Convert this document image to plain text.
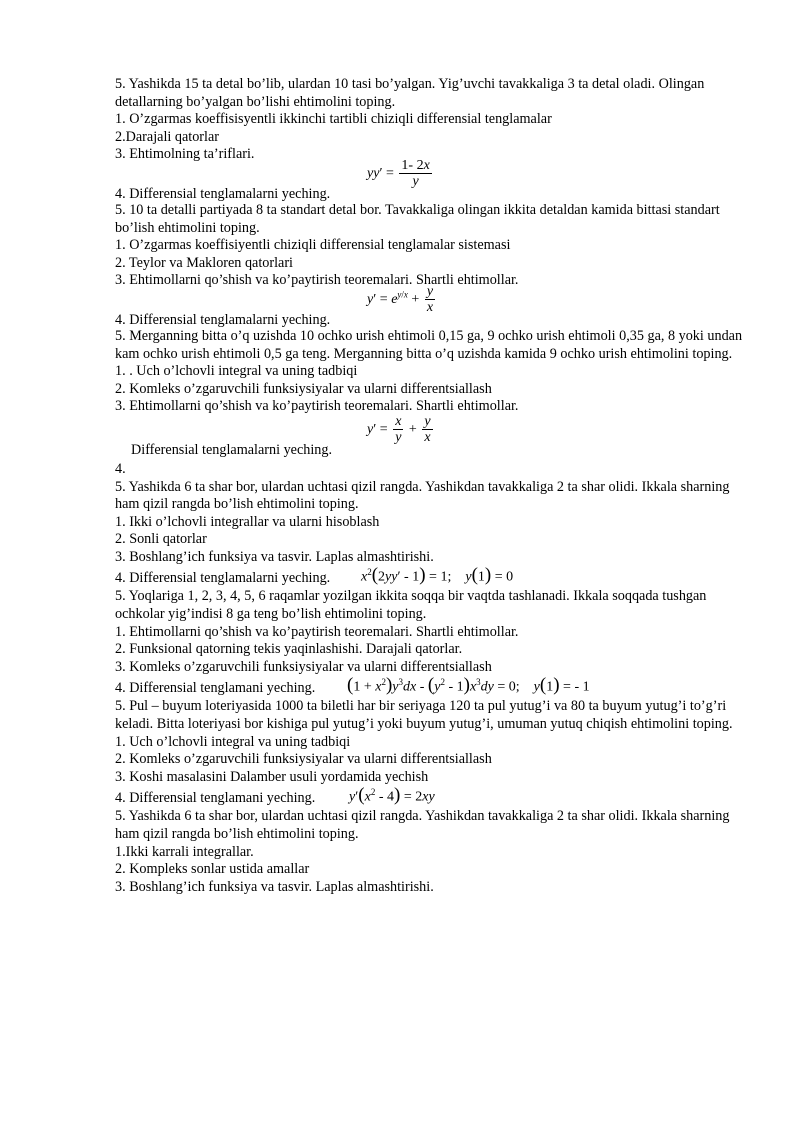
5. Yashikda 15 ta detal bo’lib, ulardan 10 tasi bo’yalgan. Yig’uvchi tavakkaliga 3 ta detal oladi. Olingan detallarning bo’yalgan bo’lishi ehtimolini toping.
1. O’zgarmas koeffisisyentli ikkinchi tartibli chiziqli differensial tenglamalar
2.Darajali qatorlar
3. Ehtimolning ta’riflari.
$yy' = \frac{1- 2x}{y}$
4. Differensial tenglamalarni yeching.
5. 10 ta detalli partiyada 8 ta standart detal bor. Tavakkaliga olingan ikkita detaldan kamida bittasi standart bo’lish ehtimolini toping.
1. O’zgarmas koeffisiyentli chiziqli differensial tenglamalar sistemasi
2. Teylor va Makloren qatorlari
3. Ehtimollarni qo’shish va ko’paytirish teoremalari. Shartli ehtimollar.
$y' = e^{y/x} + \frac{y}{x}$
4. Differensial tenglamalarni yeching.
5. Merganning bitta o’q uzishda 10 ochko urish ehtimoli 0,15 ga, 9 ochko urish ehtimoli 0,35 ga, 8 yoki undan kam ochko urish ehtimoli 0,5 ga teng. Merganning bitta o’q uzishda kamida 9 ochko urish ehtimolini toping.
1. . Uch o’lchovli integral va uning tadbiqi
2. Komleks o’zgaruvchili funksiysiyalar va ularni differentsiallash
3. Ehtimollarni qo’shish va ko’paytirish teoremalari. Shartli ehtimollar.
$y' = \frac{x}{y} + \frac{y}{x}$
Differensial tenglamalarni yeching.
4.
5. Yashikda 6 ta shar bor, ulardan uchtasi qizil rangda. Yashikdan tavakkaliga 2 ta shar olidi. Ikkala sharning ham qizil rangda bo’lish ehtimolini toping.
1. Ikki o’lchovli integrallar va ularni hisoblash
2. Sonli qatorlar
3. Boshlang’ich funksiya va tasvir. Laplas almashtirishi.
4. Differensial tenglamalarni yeching. $x^2(2yy' - 1) = 1$;    y(1) = 0
5. Yoqlariga 1, 2, 3, 4, 5, 6 raqamlar yozilgan ikkita soqqa bir vaqtda tashlanadi. Ikkala soqqada tushgan ochkolar yig’indisi 8 ga teng bo’lish ehtimolini toping.
1. Ehtimollarni qo’shish va ko’paytirish teoremalari. Shartli ehtimollar.
2. Funksional qatorning tekis yaqinlashishi. Darajali qatorlar.
3. Komleks o’zgaruvchili funksiysiyalar va ularni differentsiallash
4. Differensial tenglamani yeching. $(1 + x^2)y^3dx - (y^2 - 1)x^3dy = 0$;    y(1) = - 1
5. Pul – buyum loteriyasida 1000 ta biletli har bir seriyaga 120 ta pul yutug’i va 80 ta buyum yutug’i to’g’ri keladi. Bitta loteriyasi bor kishiga pul yutug’i yoki buyum yutug’i, umuman yutuq chiqish ehtimolini toping.
1. Uch o’lchovli integral va uning tadbiqi
2. Komleks o’zgaruvchili funksiysiyalar va ularni differentsiallash
3. Koshi masalasini Dalamber usuli yordamida yechish
4. Differensial tenglamani yeching. $y'(x^2 - 4) = 2xy$
5. Yashikda 6 ta shar bor, ulardan uchtasi qizil rangda. Yashikdan tavakkaliga 2 ta shar olidi. Ikkala sharning ham qizil rangda bo’lish ehtimolini toping.
1.Ikki karrali integrallar.
2. Kompleks sonlar ustida amallar
3. Boshlang’ich funksiya va tasvir. Laplas almashtirishi.
